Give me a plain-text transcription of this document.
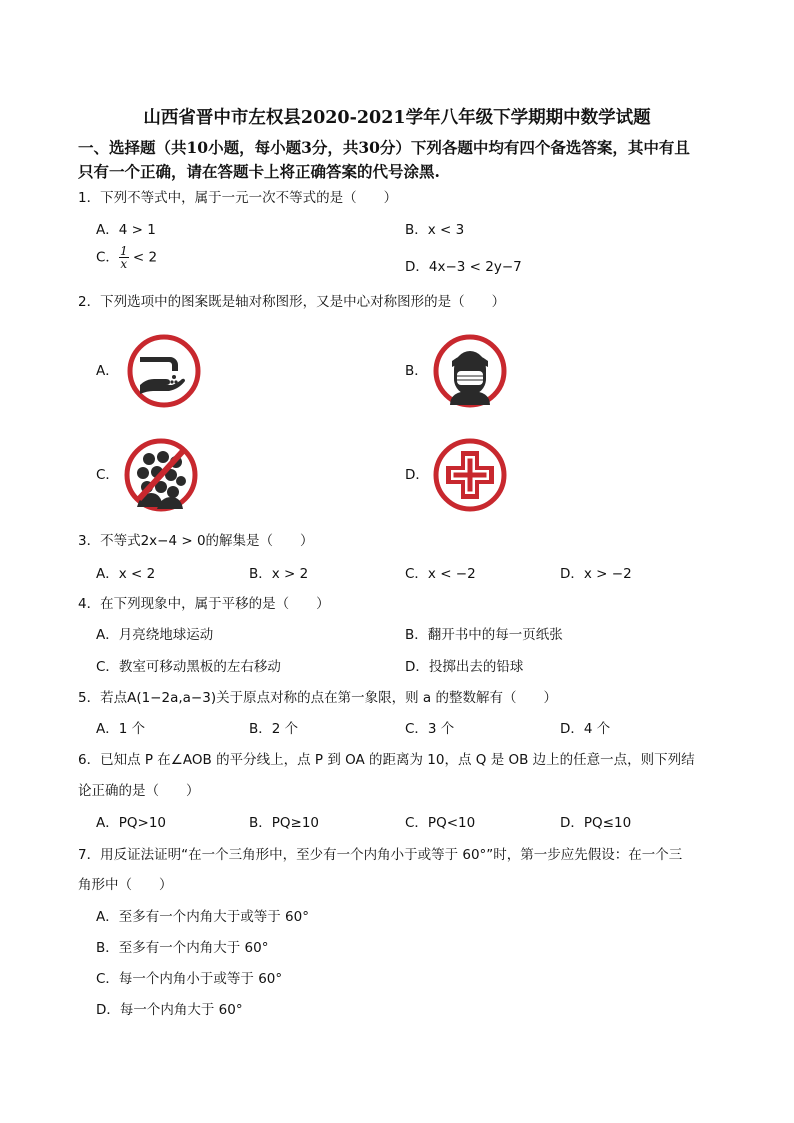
山西省晋中市左权县2020-2021学年八年级下学期期中数学试题
一、选择题（共10小题，每小题3分，共30分）下列各题中均有四个备选答案，其中有且
只有一个正确，请在答题卡上将正确答案的代号涂黑.
1．下列不等式中，属于一元一次不等式的是（　　）
A．4 > 1	B．x < 3
C． $\frac{1}{x} < 2$
D．4x−3 < 2y−7
2．下列选项中的图案既是轴对称图形，又是中心对称图形的是（　　）
A．	B．
C．	D．
3．不等式2x−4 > 0的解集是（　　）
A．x < 2	B．x > 2	C．x < −2	D．x > −2
4．在下列现象中，属于平移的是（　　）
A．月亮绕地球运动	B．翻开书中的每一页纸张
C．教室可移动黑板的左右移动	D．投掷出去的铅球
5．若点A(1−2a,a−3)关于原点对称的点在第一象限，则 a 的整数解有（　　）
A．1 个	B．2 个	C．3 个	D．4 个
6．已知点 P 在∠AOB 的平分线上，点 P 到 OA 的距离为 10，点 Q 是 OB 边上的任意一点，则下列结
论正确的是（　　）
A．PQ>10	B．PQ≥10	C．PQ<10	D．PQ≤10
7．用反证法证明“在一个三角形中，至少有一个内角小于或等于 60°”时，第一步应先假设：在一个三
角形中（　　）
A．至多有一个内角大于或等于 60°
B．至多有一个内角大于 60°
C．每一个内角小于或等于 60°
D．每一个内角大于 60°
